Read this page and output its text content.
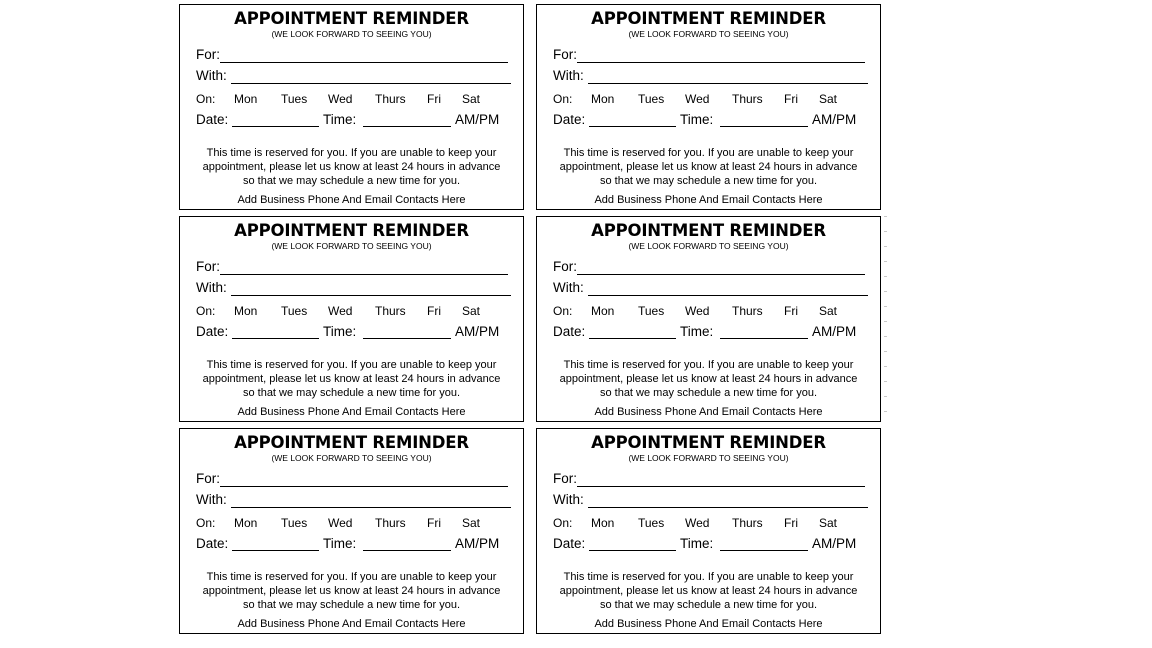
APPOINTMENT REMINDER
(WE LOOK FORWARD TO SEEING YOU)
For:
With:
On: Mon Tues Wed Thurs Fri Sat
Date:	Time:	AM/PM
This time is reserved for you. If you are unable to keep your
appointment, please let us know at least 24 hours in advance
so that we may schedule a new time for you.
Add Business Phone And Email Contacts Here
APPOINTMENT REMINDER
(WE LOOK FORWARD TO SEEING YOU)
For:
With:
On: Mon Tues Wed Thurs Fri Sat
Date:	Time:	AM/PM
This time is reserved for you. If you are unable to keep your
appointment, please let us know at least 24 hours in advance
so that we may schedule a new time for you.
Add Business Phone And Email Contacts Here
APPOINTMENT REMINDER
(WE LOOK FORWARD TO SEEING YOU)
For:
With:
On: Mon Tues Wed Thurs Fri Sat
Date:	Time:	AM/PM
This time is reserved for you. If you are unable to keep your
appointment, please let us know at least 24 hours in advance
so that we may schedule a new time for you.
Add Business Phone And Email Contacts Here
APPOINTMENT REMINDER
(WE LOOK FORWARD TO SEEING YOU)
For:
With:
On: Mon Tues Wed Thurs Fri Sat
Date:	Time:	AM/PM
This time is reserved for you. If you are unable to keep your
appointment, please let us know at least 24 hours in advance
so that we may schedule a new time for you.
Add Business Phone And Email Contacts Here
APPOINTMENT REMINDER
(WE LOOK FORWARD TO SEEING YOU)
For:
With:
On: Mon Tues Wed Thurs Fri Sat
Date:	Time:	AM/PM
This time is reserved for you. If you are unable to keep your
appointment, please let us know at least 24 hours in advance
so that we may schedule a new time for you.
Add Business Phone And Email Contacts Here
APPOINTMENT REMINDER
(WE LOOK FORWARD TO SEEING YOU)
For:
With:
On: Mon Tues Wed Thurs Fri Sat
Date:	Time:	AM/PM
This time is reserved for you. If you are unable to keep your
appointment, please let us know at least 24 hours in advance
so that we may schedule a new time for you.
Add Business Phone And Email Contacts Here
